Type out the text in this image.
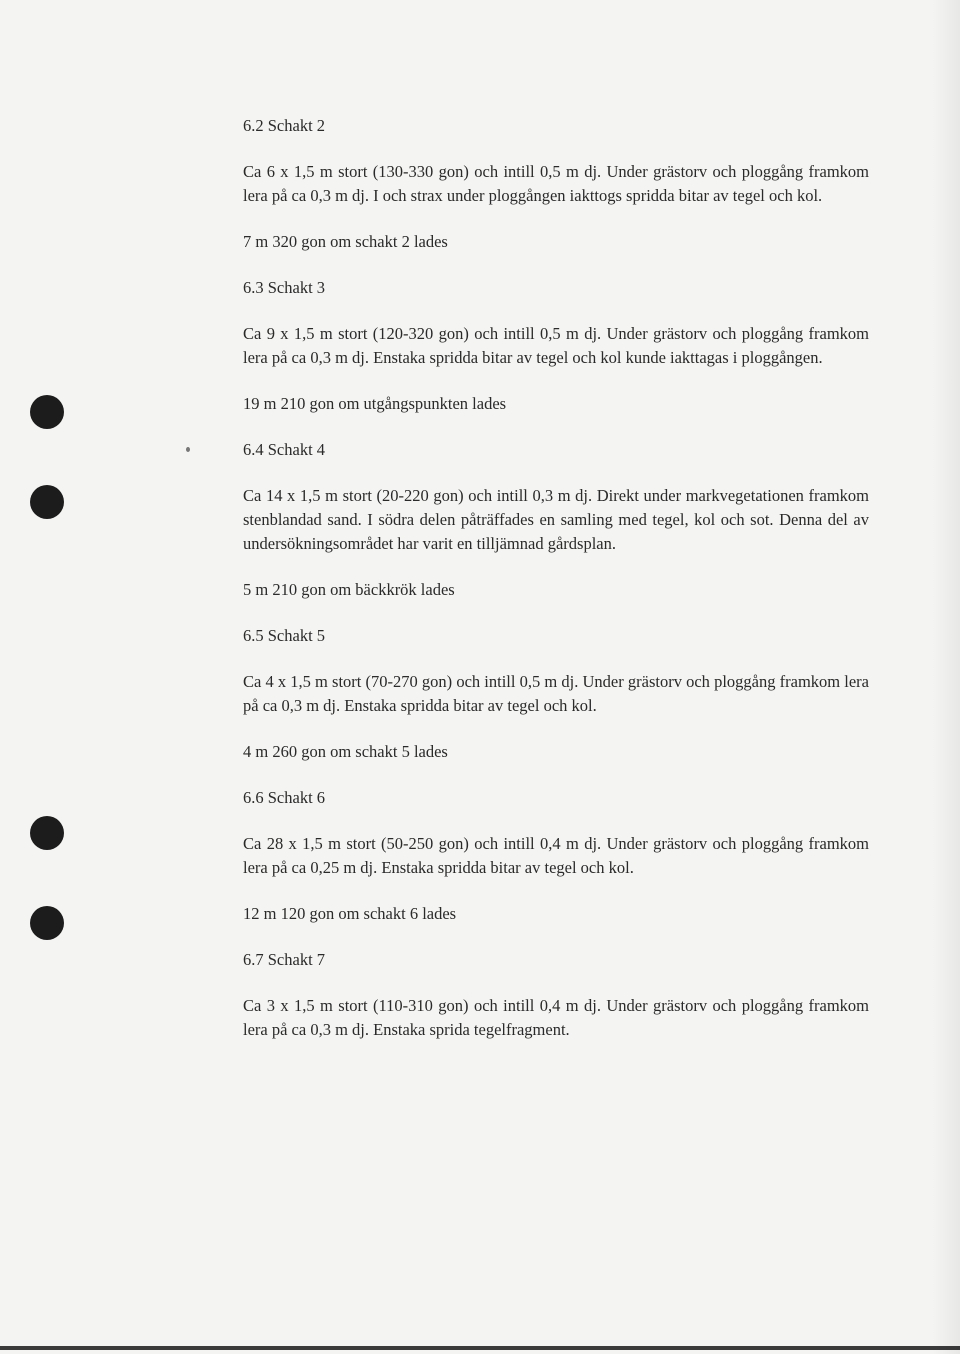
6.2 Schakt 2

Ca 6 x 1,5 m stort (130-330 gon) och intill 0,5 m dj. Under grästorv och ploggång framkom lera på ca 0,3 m dj. I och strax under ploggången iakttogs spridda bitar av tegel och kol.

7 m 320 gon om schakt 2 lades

6.3 Schakt 3

Ca 9 x 1,5 m stort (120-320 gon) och intill 0,5 m dj. Under grästorv och ploggång framkom lera på ca 0,3 m dj. Enstaka spridda bitar av tegel och kol kunde iakttagas i ploggången.

19 m 210 gon om utgångspunkten lades

6.4 Schakt 4

Ca 14 x 1,5 m stort (20-220 gon) och intill 0,3 m dj. Direkt under markvegetationen framkom stenblandad sand. I södra delen påträffades en samling med tegel, kol och sot. Denna del av undersökningsområdet har varit en tilljämnad gårdsplan.

5 m 210 gon om bäckkrök lades

6.5 Schakt 5

Ca 4 x 1,5 m stort (70-270 gon) och intill 0,5 m dj. Under grästorv och ploggång framkom lera på ca 0,3 m dj. Enstaka spridda bitar av tegel och kol.

4 m 260 gon om schakt 5 lades

6.6 Schakt 6

Ca 28 x 1,5 m stort (50-250 gon) och intill 0,4 m dj. Under grästorv och ploggång framkom lera på ca 0,25 m dj. Enstaka spridda bitar av tegel och kol.

12 m 120 gon om schakt 6 lades

6.7 Schakt 7

Ca 3 x 1,5 m stort (110-310 gon) och intill 0,4 m dj. Under grästorv och ploggång framkom lera på ca 0,3 m dj. Enstaka sprida tegelfragment.
